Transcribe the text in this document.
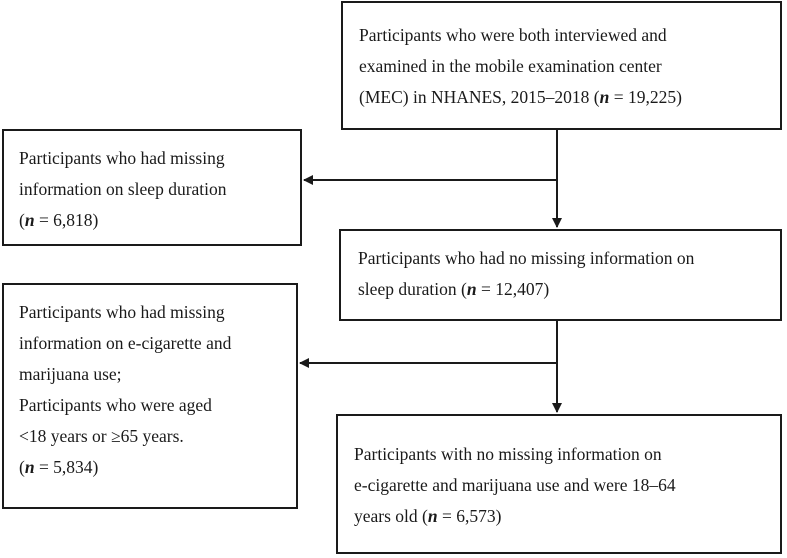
Participants who were both interviewed and
examined in the mobile examination center
(MEC) in NHANES, 2015–2018 (n = 19,225)
Participants who had missing
information on sleep duration
(n = 6,818)
Participants who had no missing information on
sleep duration (n = 12,407)
Participants who had missing
information on e-cigarette and
marijuana use;
Participants who were aged
<18 years or ≥65 years.
(n = 5,834)
Participants with no missing information on
e-cigarette and marijuana use and were 18–64
years old (n = 6,573)
